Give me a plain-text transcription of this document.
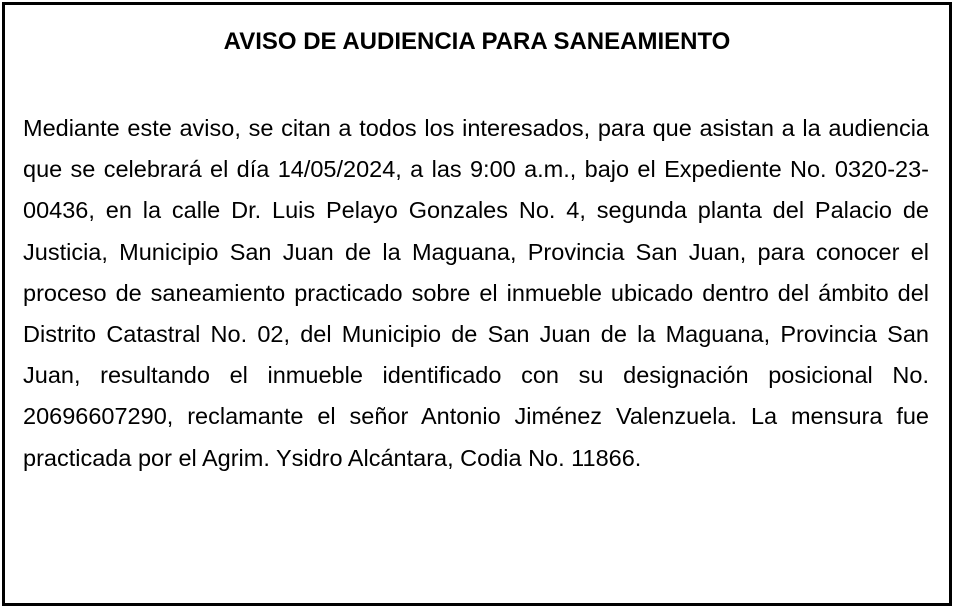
AVISO DE AUDIENCIA PARA SANEAMIENTO

Mediante este aviso, se citan a todos los interesados, para que asistan a la audiencia que se celebrará el día 14/05/2024, a las 9:00 a.m., bajo el Expediente No. 0320-23-00436, en la calle Dr. Luis Pelayo Gonzales No. 4, segunda planta del Palacio de Justicia, Municipio San Juan de la Maguana, Provincia San Juan, para conocer el proceso de saneamiento practicado sobre el inmueble ubicado dentro del ámbito del Distrito Catastral No. 02, del Municipio de San Juan de la Maguana, Provincia San Juan, resultando el inmueble identificado con su designación posicional No. 20696607290, reclamante el señor Antonio Jiménez Valenzuela. La mensura fue practicada por el Agrim. Ysidro Alcántara, Codia No. 11866.
